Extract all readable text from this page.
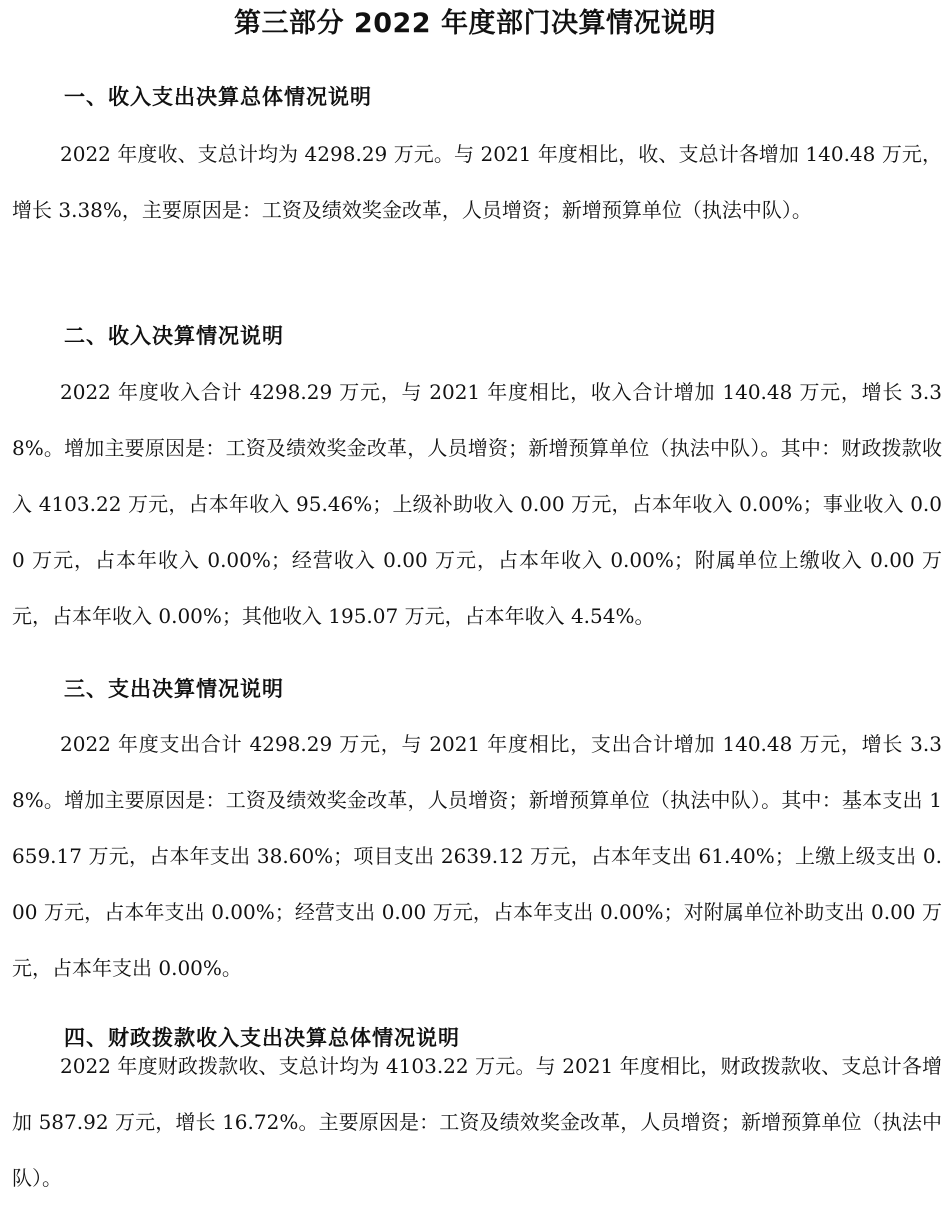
第三部分 2022 年度部门决算情况说明
一、收入支出决算总体情况说明

2022 年度收、支总计均为 4298.29 万元。与 2021 年度相比，收、支总计各增加 140.48 万元，增长 3.38%，主要原因是：工资及绩效奖金改革，人员增资；新增预算单位（执法中队）。

二、收入决算情况说明

2022 年度收入合计 4298.29 万元，与 2021 年度相比，收入合计增加 140.48 万元，增长 3.38%。增加主要原因是：工资及绩效奖金改革，人员增资；新增预算单位（执法中队）。其中：财政拨款收入 4103.22 万元，占本年收入 95.46%；上级补助收入 0.00 万元，占本年收入 0.00%；事业收入 0.00 万元，占本年收入 0.00%；经营收入 0.00 万元，占本年收入 0.00%；附属单位上缴收入 0.00 万元，占本年收入 0.00%；其他收入 195.07 万元，占本年收入 4.54%。

三、支出决算情况说明

2022 年度支出合计 4298.29 万元，与 2021 年度相比，支出合计增加 140.48 万元，增长 3.38%。增加主要原因是：工资及绩效奖金改革，人员增资；新增预算单位（执法中队）。其中：基本支出 1659.17 万元，占本年支出 38.60%；项目支出 2639.12 万元，占本年支出 61.40%；上缴上级支出 0.00 万元，占本年支出 0.00%；经营支出 0.00 万元，占本年支出 0.00%；对附属单位补助支出 0.00 万元，占本年支出 0.00%。

四、财政拨款收入支出决算总体情况说明

2022 年度财政拨款收、支总计均为 4103.22 万元。与 2021 年度相比，财政拨款收、支总计各增加 587.92 万元，增长 16.72%。主要原因是：工资及绩效奖金改革，人员增资；新增预算单位（执法中队）。
